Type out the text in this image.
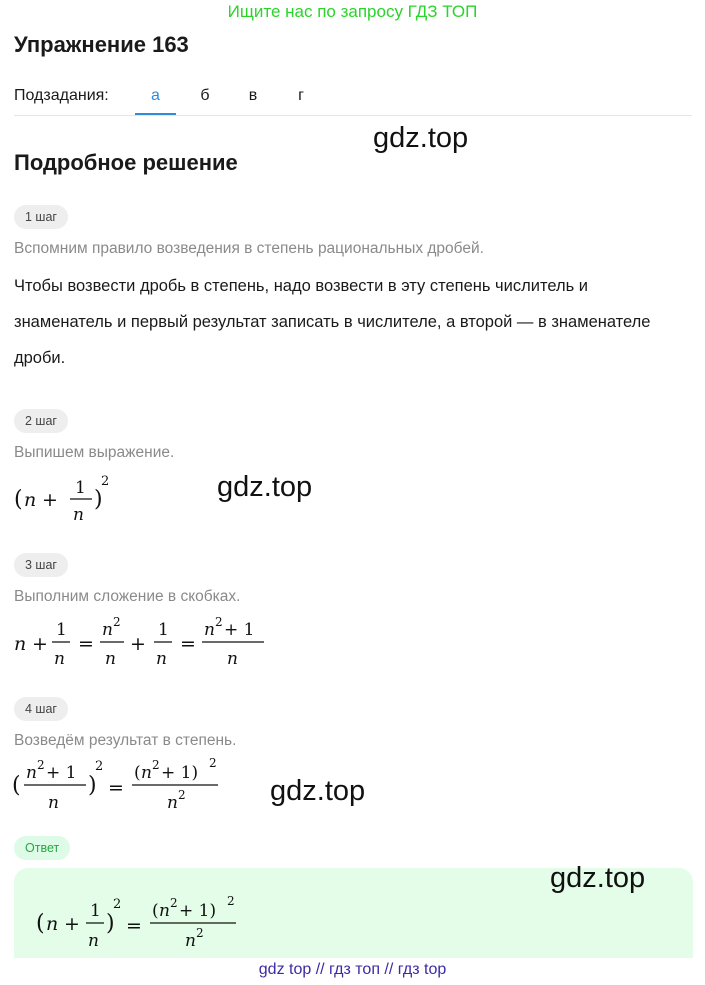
Ищите нас по запросу ГДЗ ТОП
Упражнение 163
Подзадания:	а	б	в	г
gdz.top
Подробное решение
1 шаг
Вспомним правило возведения в степень рациональных дробей.
Чтобы возвести дробь в степень, надо возвести в эту степень числитель и знаменатель и первый результат записать в числителе, а второй — в знаменателе дроби.
2 шаг
Выпишем выражение.
( n +
1
n
)
2	gdz.top
3 шаг
Выполним сложение в скобках.
n +
1
n
=
n 2
n
+
1
n
=
n 2 + 1
n
4 шаг
Возведём результат в степень.
( n 2 + 1
n
)
2
=
( n 2 + 1) 2
n 2	gdz.top
Ответ
( n +
1
n
)
2
=
( n 2 + 1) 2
n 2
gdz.top
gdz top // гдз топ // гдз top
